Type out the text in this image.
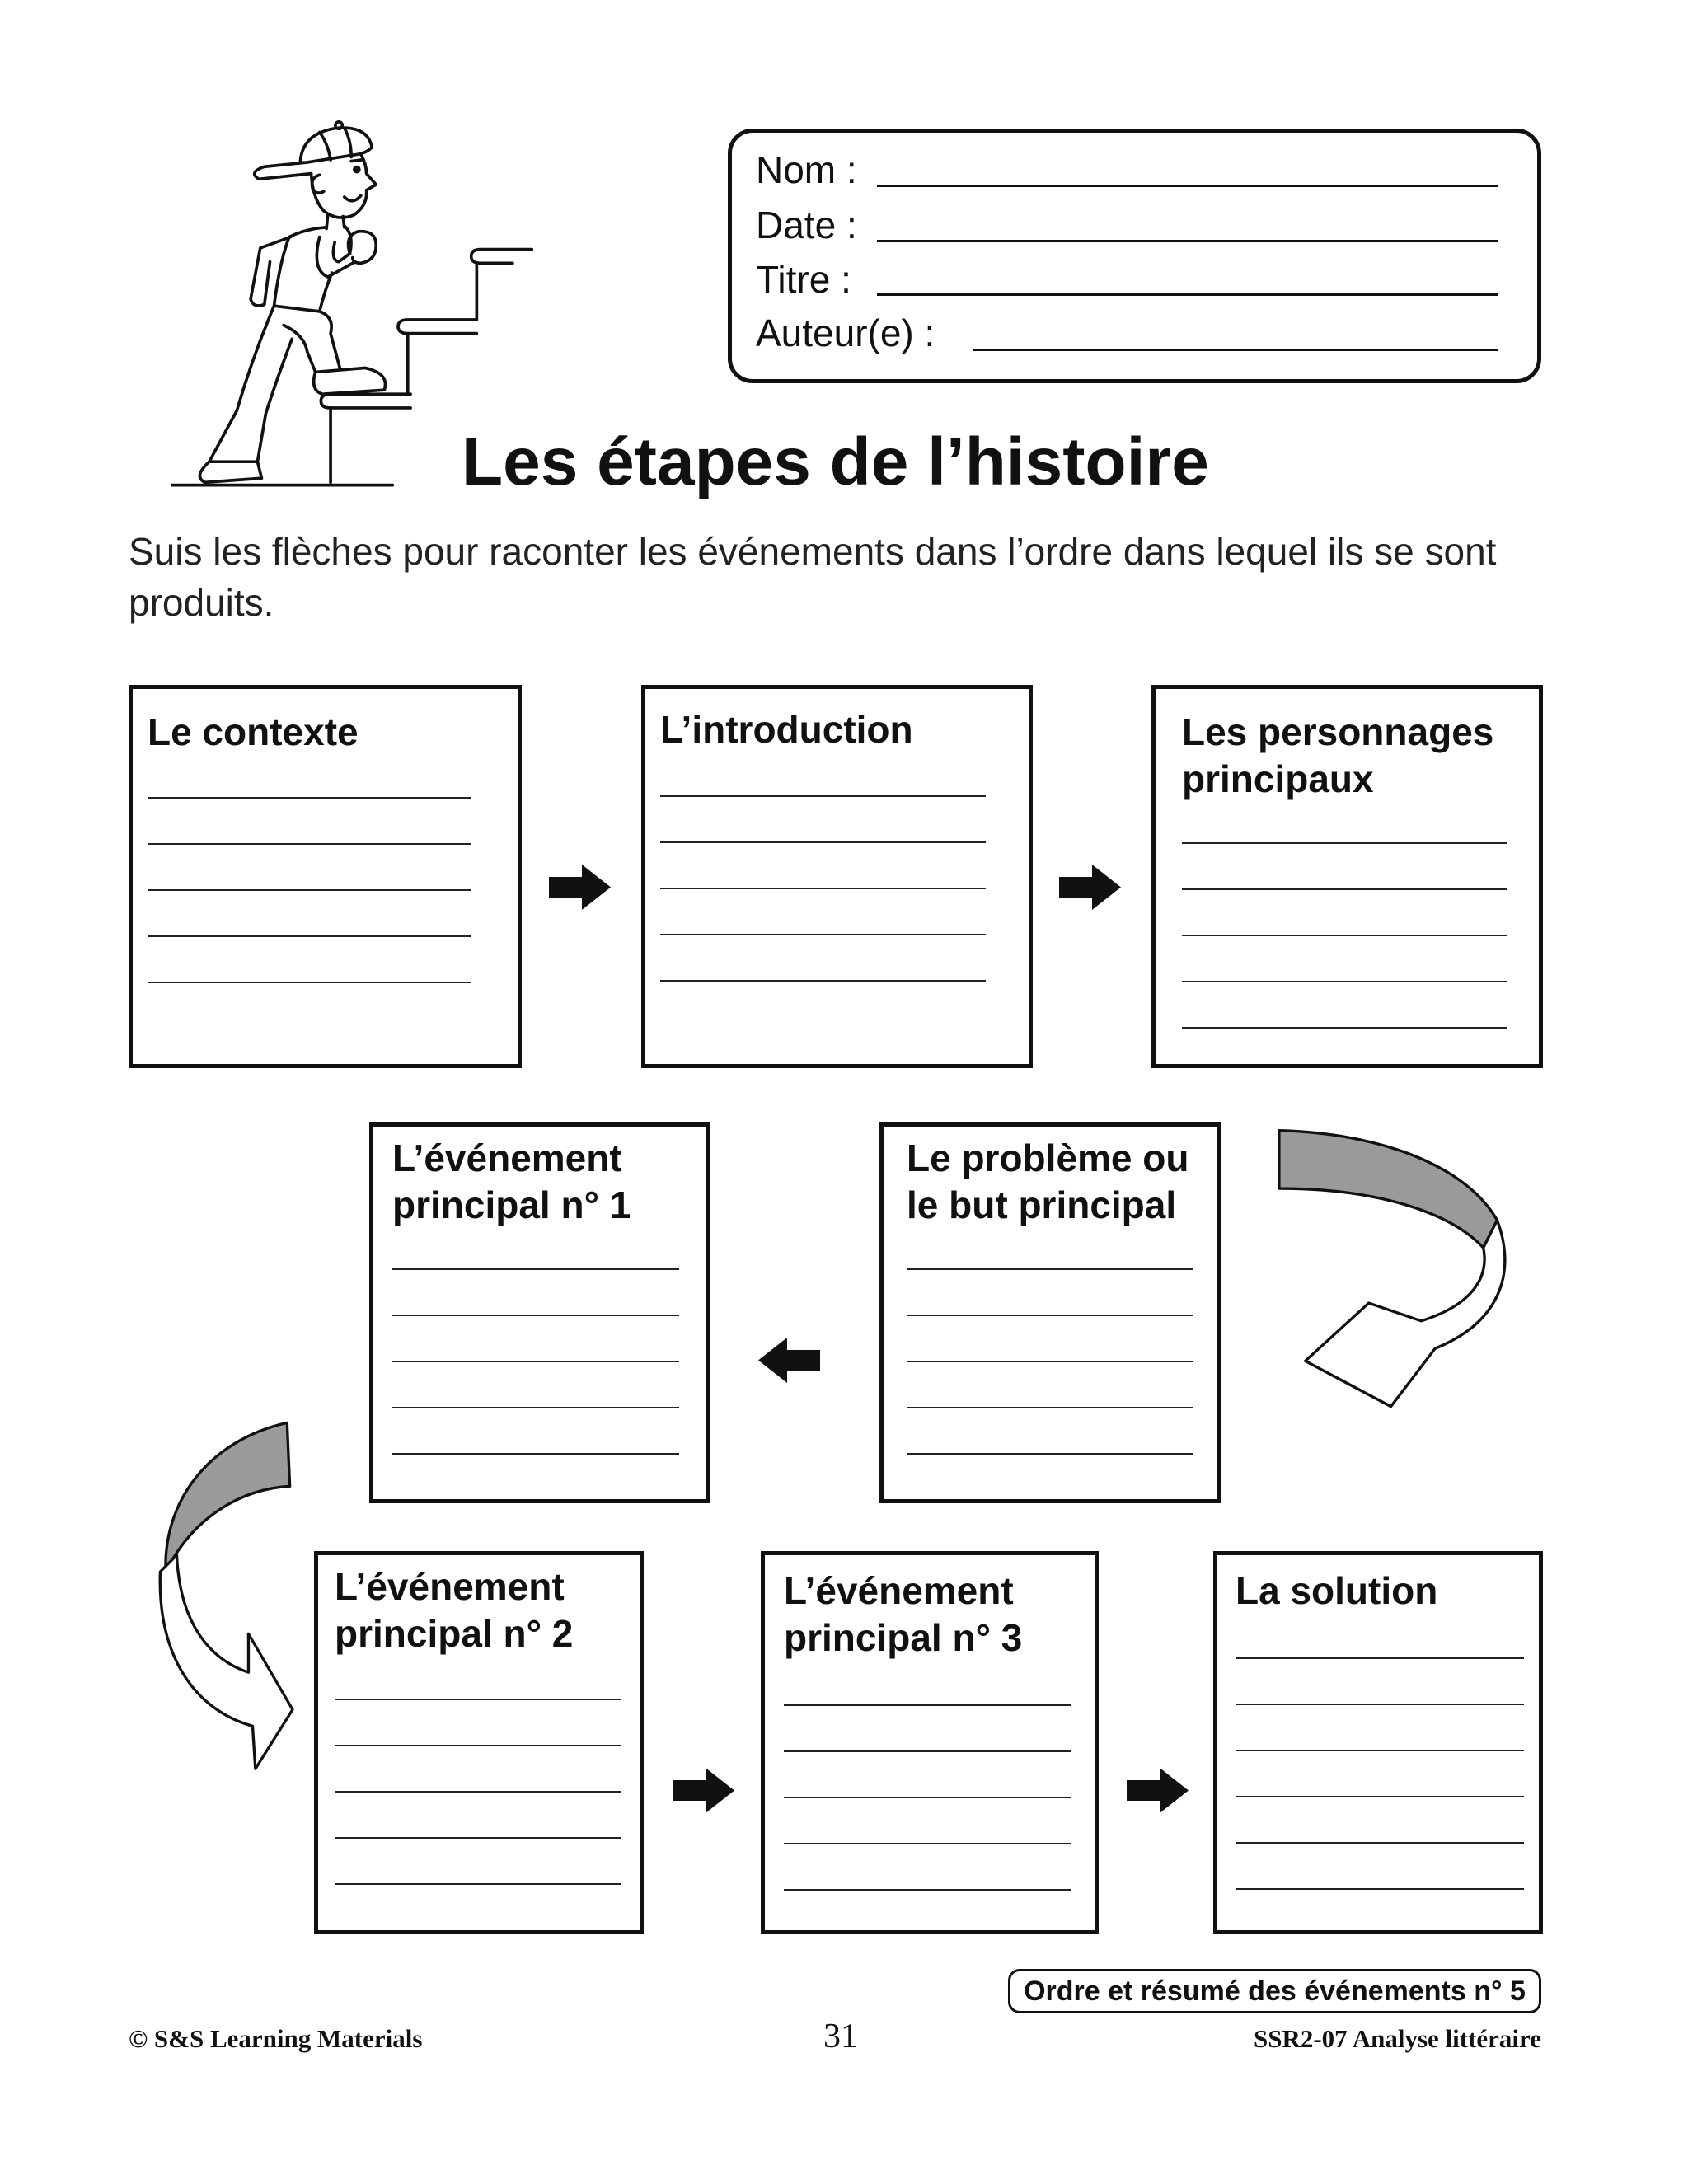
Nom :
Date :
Titre :
Auteur(e) :
Les étapes de l’histoire
Suis les flèches pour raconter les événements dans l’ordre dans lequel ils se sont produits.
Le contexte	L’introduction	Les personnages
principaux
L’événement
principal n° 1
Le problème ou
le but principal
L’événement
principal n° 2
L’événement
principal n° 3
La solution
Ordre et résumé des événements n° 5
© S&S Learning Materials	31	SSR2-07 Analyse littéraire
